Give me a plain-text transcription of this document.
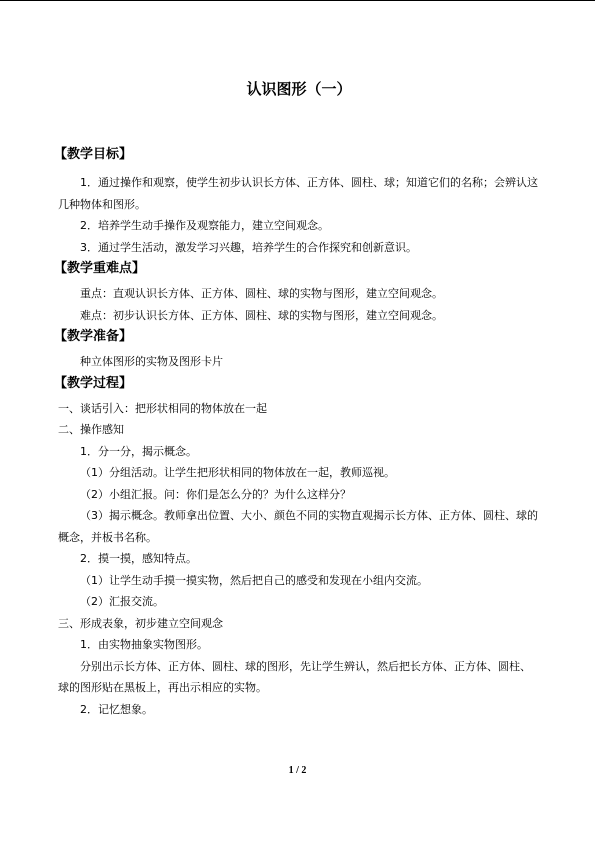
认识图形（一）
【教学目标】

1．通过操作和观察，使学生初步认识长方体、正方体、圆柱、球；知道它们的名称；会辨认这几种物体和图形。

2．培养学生动手操作及观察能力，建立空间观念。

3．通过学生活动，激发学习兴趣，培养学生的合作探究和创新意识。

【教学重难点】

重点：直观认识长方体、正方体、圆柱、球的实物与图形，建立空间观念。

难点：初步认识长方体、正方体、圆柱、球的实物与图形，建立空间观念。

【教学准备】

种立体图形的实物及图形卡片

【教学过程】

一、谈话引入：把形状相同的物体放在一起

二、操作感知

1．分一分，揭示概念。

（1）分组活动。让学生把形状相同的物体放在一起，教师巡视。

（2）小组汇报。问：你们是怎么分的？为什么这样分？

（3）揭示概念。教师拿出位置、大小、颜色不同的实物直观揭示长方体、正方体、圆柱、球的概念，并板书名称。

2．摸一摸，感知特点。

（1）让学生动手摸一摸实物，然后把自己的感受和发现在小组内交流。

（2）汇报交流。

三、形成表象，初步建立空间观念

1．由实物抽象实物图形。

分别出示长方体、正方体、圆柱、球的图形，先让学生辨认，然后把长方体、正方体、圆柱、球的图形贴在黑板上，再出示相应的实物。

2．记忆想象。

1 / 2
